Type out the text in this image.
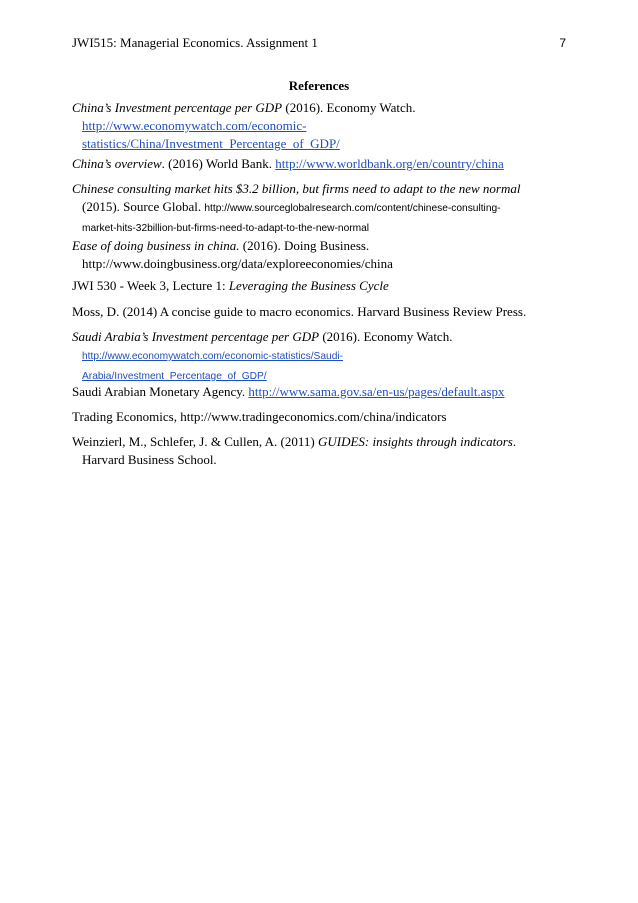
JWI515: Managerial Economics. Assignment 1	7
References
China’s Investment percentage per GDP (2016). Economy Watch.
http://www.economywatch.com/economic-
statistics/China/Investment_Percentage_of_GDP/
China’s overview. (2016) World Bank. http://www.worldbank.org/en/country/china
Chinese consulting market hits $3.2 billion, but firms need to adapt to the new normal
(2015). Source Global. http://www.sourceglobalresearch.com/content/chinese-consulting-
market-hits-32billion-but-firms-need-to-adapt-to-the-new-normal
Ease of doing business in china. (2016). Doing Business.
http://www.doingbusiness.org/data/exploreeconomies/china
JWI 530 - Week 3, Lecture 1: Leveraging the Business Cycle
Moss, D. (2014) A concise guide to macro economics. Harvard Business Review Press.
Saudi Arabia’s Investment percentage per GDP (2016). Economy Watch.
http://www.economywatch.com/economic-statistics/Saudi-
Arabia/Investment_Percentage_of_GDP/
Saudi Arabian Monetary Agency. http://www.sama.gov.sa/en-us/pages/default.aspx
Trading Economics, http://www.tradingeconomics.com/china/indicators
Weinzierl, M., Schlefer, J. & Cullen, A. (2011) GUIDES: insights through indicators.
Harvard Business School.
